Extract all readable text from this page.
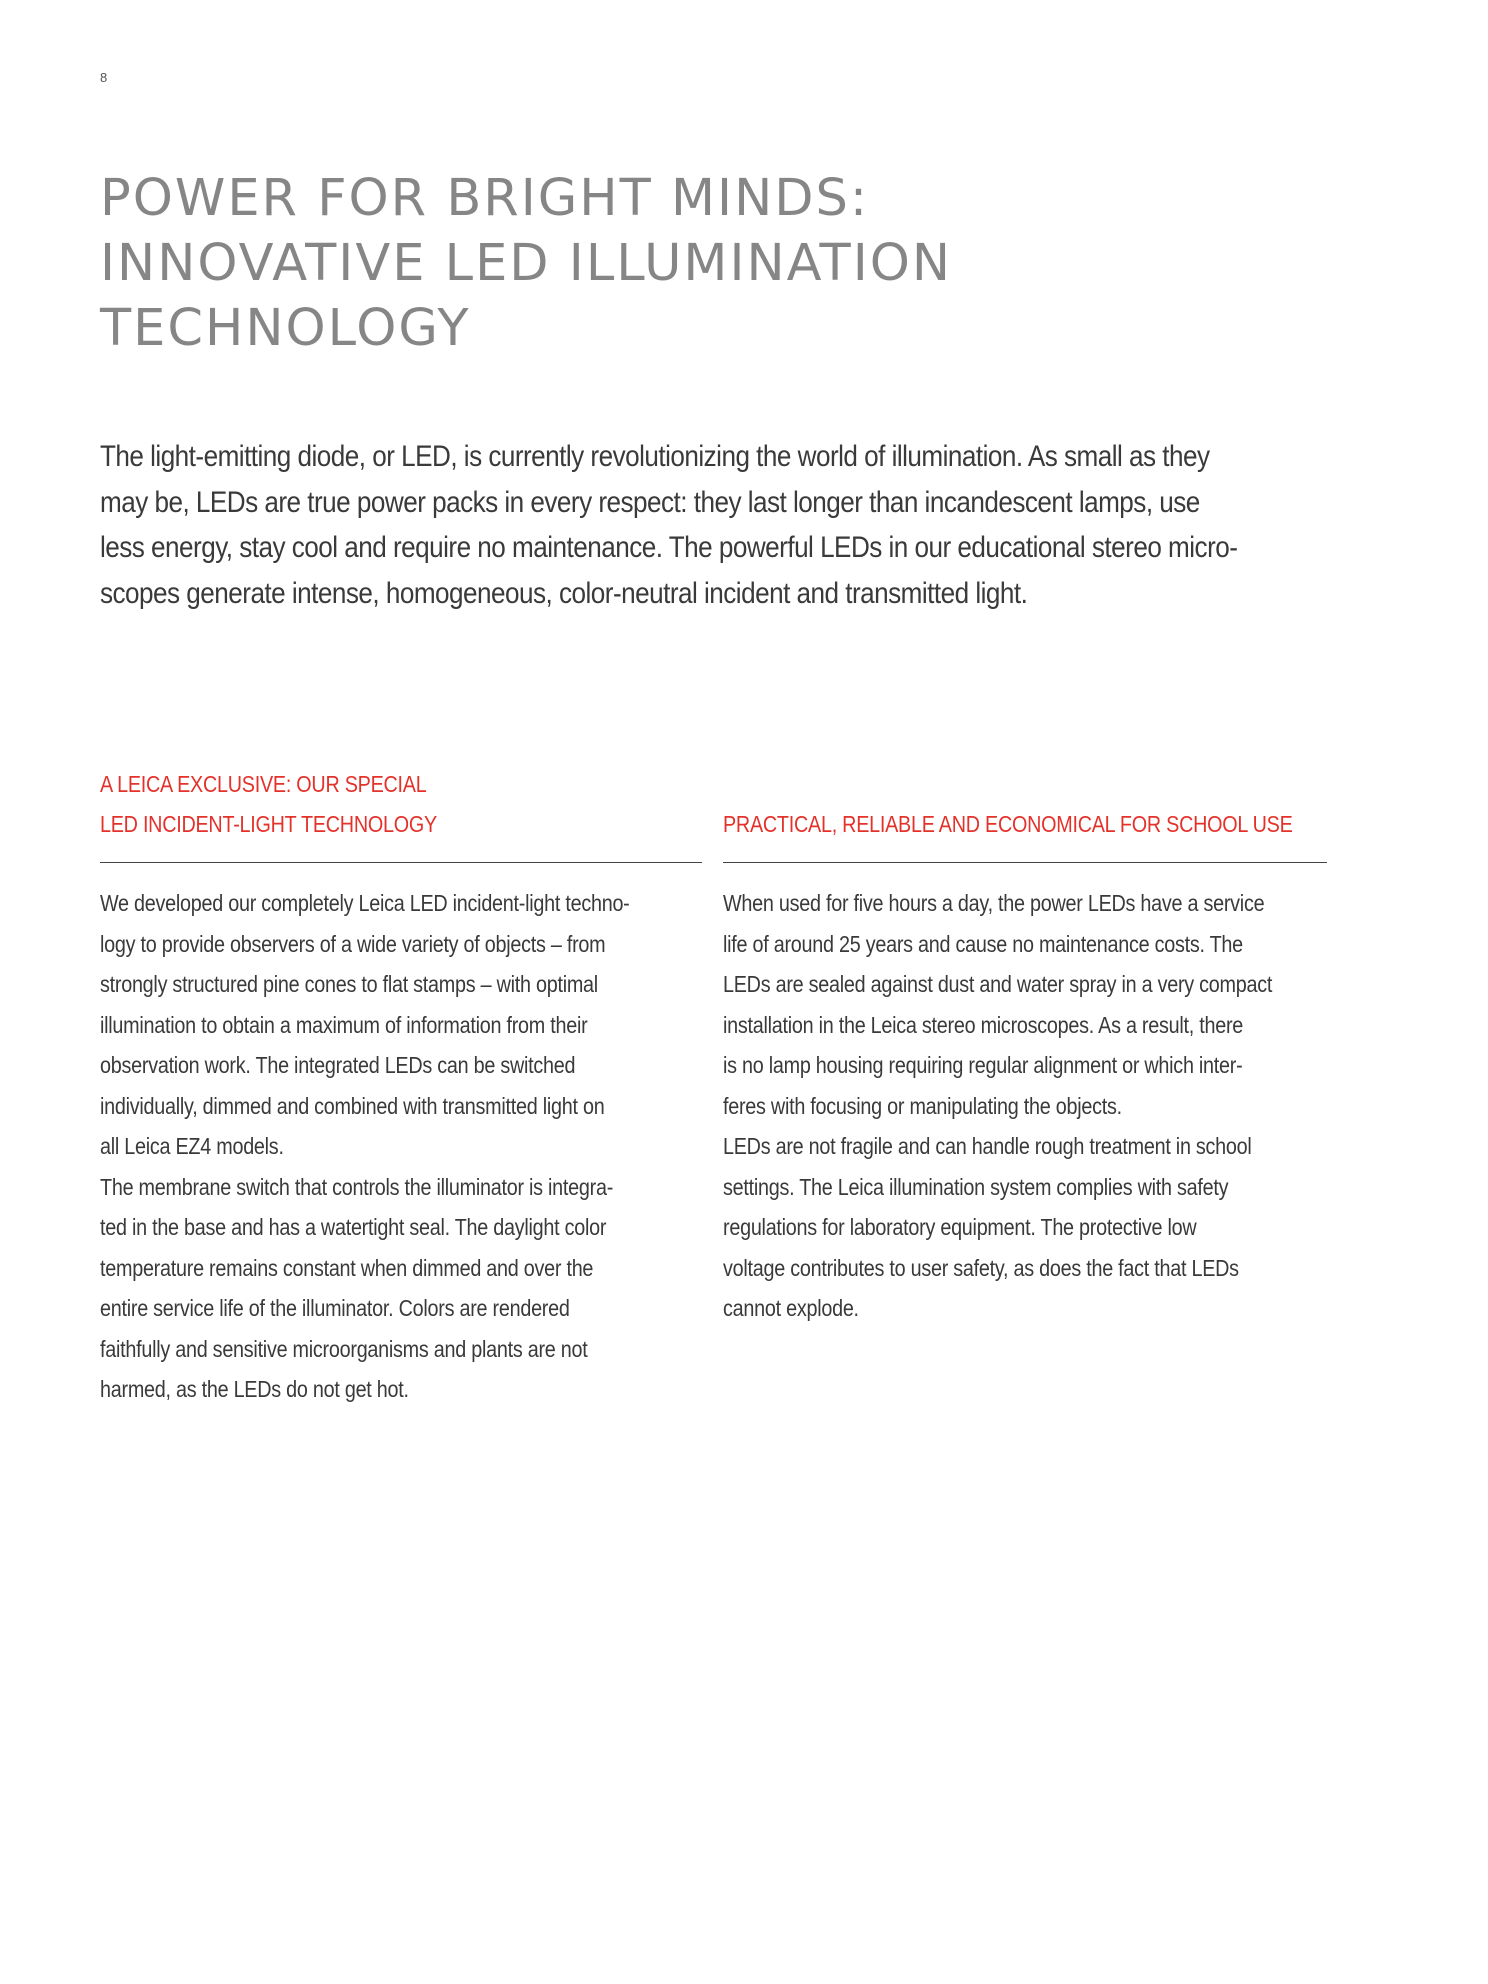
8
POWER FOR BRIGHT MINDS:
INNOVATIVE LED ILLUMINATION
TECHNOLOGY

The light-emitting diode, or LED, is currently revolutionizing the world of illumination. As small as they
may be, LEDs are true power packs in every respect: they last longer than incandescent lamps, use
less energy, stay cool and require no maintenance. The powerful LEDs in our educational stereo micro-
scopes generate intense, homogeneous, color-neutral incident and transmitted light.

A LEICA EXCLUSIVE: OUR SPECIAL
LED INCIDENT-LIGHT TECHNOLOGY
We developed our completely Leica LED incident-light techno-
logy to provide observers of a wide variety of objects – from
strongly structured pine cones to flat stamps – with optimal
illumination to obtain a maximum of information from their
observation work. The integrated LEDs can be switched
individually, dimmed and combined with transmitted light on
all Leica EZ4 models.
The membrane switch that controls the illuminator is integra-
ted in the base and has a watertight seal. The daylight color
temperature remains constant when dimmed and over the
entire service life of the illuminator. Colors are rendered
faithfully and sensitive microorganisms and plants are not
harmed, as the LEDs do not get hot.
PRACTICAL, RELIABLE AND ECONOMICAL FOR SCHOOL USE
When used for five hours a day, the power LEDs have a service
life of around 25 years and cause no maintenance costs. The
LEDs are sealed against dust and water spray in a very compact
installation in the Leica stereo microscopes. As a result, there
is no lamp housing requiring regular alignment or which inter-
feres with focusing or manipulating the objects.
LEDs are not fragile and can handle rough treatment in school
settings. The Leica illumination system complies with safety
regulations for laboratory equipment. The protective low
voltage contributes to user safety, as does the fact that LEDs
cannot explode.
